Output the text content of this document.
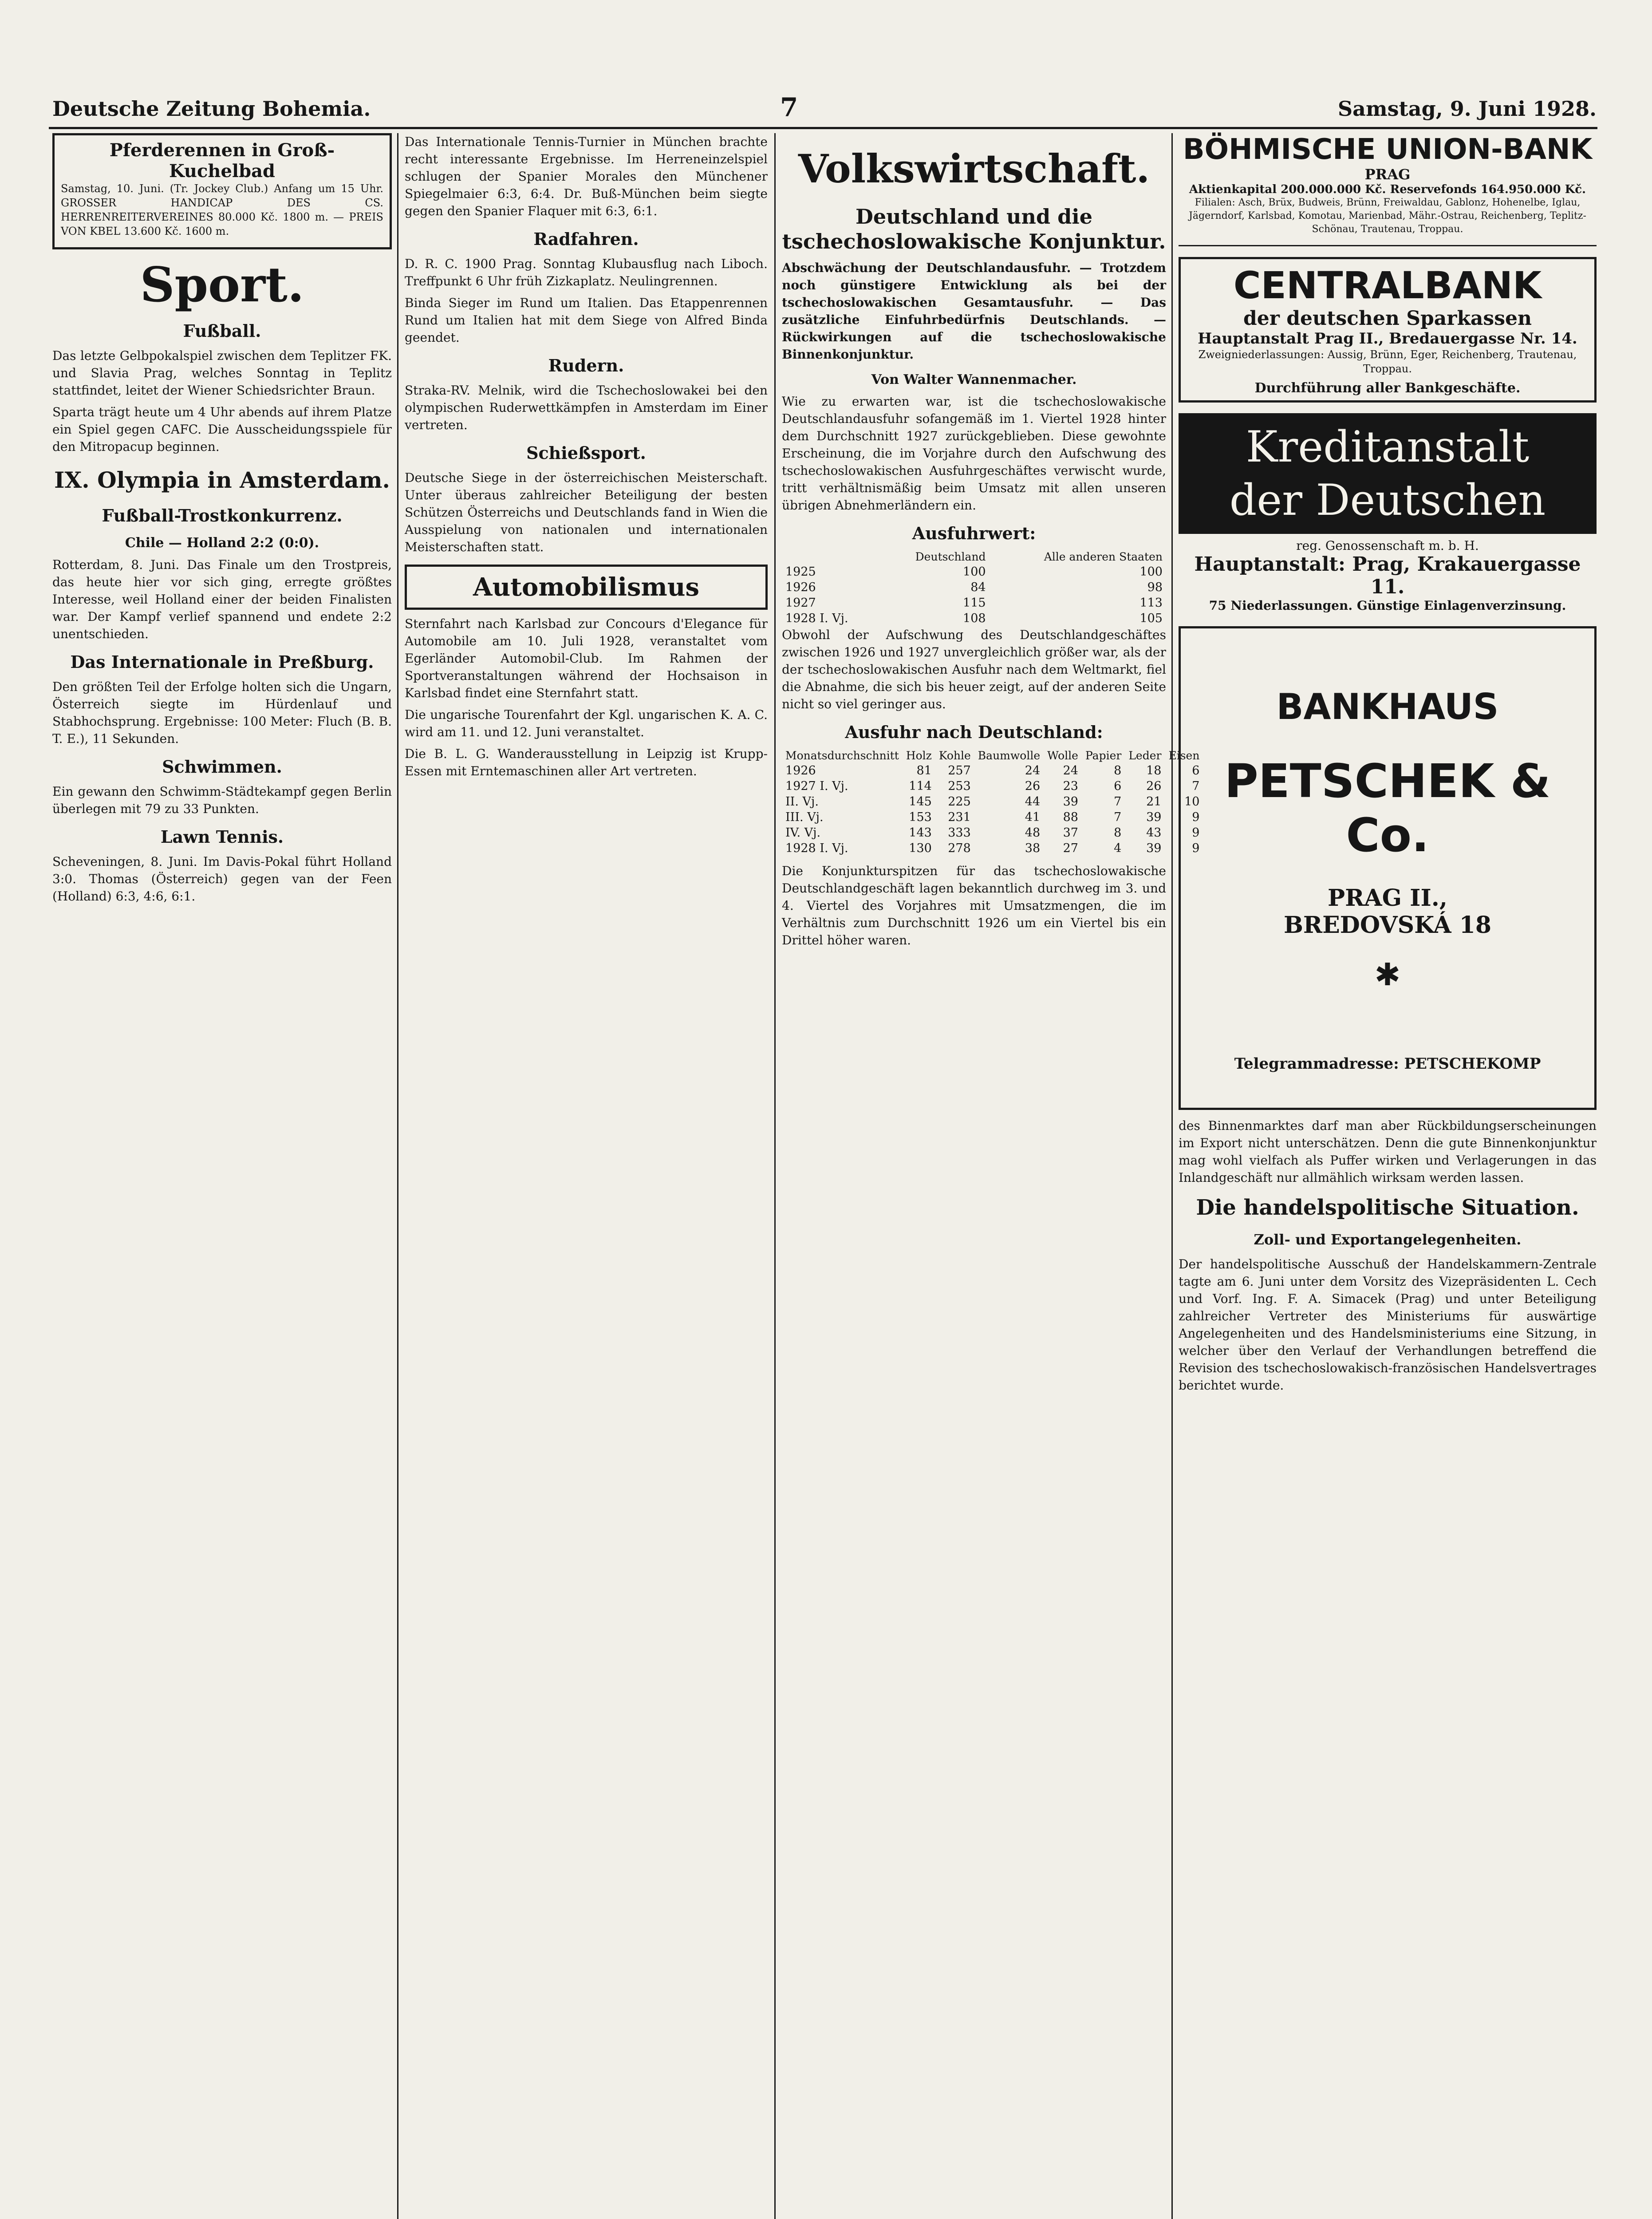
Deutsche Zeitung Bohemia.	7	Samstag, 9. Juni 1928.
Pferderennen in Groß-Kuchelbad

Samstag, 10. Juni. (Tr. Jockey Club.) Anfang um 15 Uhr. GROSSER HANDICAP DES CS. HERRENREITERVEREINES 80.000 Kč. 1800 m. — PREIS VON KBEL 13.600 Kč. 1600 m.

Sport.
Fußball.

Das letzte Gelbpokalspiel zwischen dem Teplitzer FK. und Slavia Prag, welches Sonntag in Teplitz stattfindet, leitet der Wiener Schiedsrichter Braun.

Sparta trägt heute um 4 Uhr abends auf ihrem Platze ein Spiel gegen CAFC. Die Ausscheidungsspiele für den Mitropacup beginnen.

IX. Olympia in Amsterdam.
Fußball-Trostkonkurrenz.
Chile — Holland 2:2 (0:0).

Rotterdam, 8. Juni. Das Finale um den Trostpreis, das heute hier vor sich ging, erregte größtes Interesse, weil Holland einer der beiden Finalisten war. Der Kampf verlief spannend und endete 2:2 unentschieden.

Das Internationale in Preßburg.

Den größten Teil der Erfolge holten sich die Ungarn, Österreich siegte im Hürdenlauf und Stabhochsprung. Ergebnisse: 100 Meter: Fluch (B. B. T. E.), 11 Sekunden.

Schwimmen.

Ein gewann den Schwimm-Städtekampf gegen Berlin überlegen mit 79 zu 33 Punkten.

Lawn Tennis.

Scheveningen, 8. Juni. Im Davis-Pokal führt Holland 3:0. Thomas (Österreich) gegen van der Feen (Holland) 6:3, 4:6, 6:1.

Das Internationale Tennis-Turnier in München brachte recht interessante Ergebnisse. Im Herreneinzelspiel schlugen der Spanier Morales den Münchener Spiegelmaier 6:3, 6:4. Dr. Buß-München beim siegte gegen den Spanier Flaquer mit 6:3, 6:1.

Radfahren.

D. R. C. 1900 Prag. Sonntag Klubausflug nach Liboch. Treffpunkt 6 Uhr früh Zizkaplatz. Neulingrennen.

Binda Sieger im Rund um Italien. Das Etappenrennen Rund um Italien hat mit dem Siege von Alfred Binda geendet.

Rudern.

Straka-RV. Melnik, wird die Tschechoslowakei bei den olympischen Ruderwettkämpfen in Amsterdam im Einer vertreten.

Schießsport.

Deutsche Siege in der österreichischen Meisterschaft. Unter überaus zahlreicher Beteiligung der besten Schützen Österreichs und Deutschlands fand in Wien die Ausspielung von nationalen und internationalen Meisterschaften statt.

Automobilismus

Sternfahrt nach Karlsbad zur Concours d'Elegance für Automobile am 10. Juli 1928, veranstaltet vom Egerländer Automobil-Club. Im Rahmen der Sportveranstaltungen während der Hochsaison in Karlsbad findet eine Sternfahrt statt.

Die ungarische Tourenfahrt der Kgl. ungarischen K. A. C. wird am 11. und 12. Juni veranstaltet.

Die B. L. G. Wanderausstellung in Leipzig ist Krupp-Essen mit Erntemaschinen aller Art vertreten.

Volkswirtschaft.
Deutschland und die tschechoslowakische Konjunktur.

Abschwächung der Deutschlandausfuhr. — Trotzdem noch günstigere Entwicklung als bei der tschechoslowakischen Gesamtausfuhr. — Das zusätzliche Einfuhrbedürfnis Deutschlands. — Rückwirkungen auf die tschechoslowakische Binnenkonjunktur.

Von Walter Wannenmacher.

Wie zu erwarten war, ist die tschechoslowakische Deutschlandausfuhr sofangemäß im 1. Viertel 1928 hinter dem Durchschnitt 1927 zurückgeblieben. Diese gewohnte Erscheinung, die im Vorjahre durch den Aufschwung des tschechoslowakischen Ausfuhrgeschäftes verwischt wurde, tritt verhältnismäßig beim Umsatz mit allen unseren übrigen Abnehmerländern ein.

Ausfuhrwert:
	Deutschland	Alle anderen Staaten
1925	100	100
1926	84	98
1927	115	113
1928 I. Vj.	108	105

Obwohl der Aufschwung des Deutschlandgeschäftes zwischen 1926 und 1927 unvergleichlich größer war, als der der tschechoslowakischen Ausfuhr nach dem Weltmarkt, fiel die Abnahme, die sich bis heuer zeigt, auf der anderen Seite nicht so viel geringer aus.

Ausfuhr nach Deutschland:
Monatsdurchschnitt	Holz	Kohle	Baumwolle	Wolle	Papier	Leder	Eisen
1926	81	257	24	24	8	18	6
1927 I. Vj.	114	253	26	23	6	26	7
II. Vj.	145	225	44	39	7	21	10
III. Vj.	153	231	41	88	7	39	9
IV. Vj.	143	333	48	37	8	43	9
1928 I. Vj.	130	278	38	27	4	39	9

Die Konjunkturspitzen für das tschechoslowakische Deutschlandgeschäft lagen bekanntlich durchweg im 3. und 4. Viertel des Vorjahres mit Umsatzmengen, die im Verhältnis zum Durchschnitt 1926 um ein Viertel bis ein Drittel höher waren.

BÖHMISCHE UNION-BANK
PRAG
Aktienkapital 200.000.000 Kč. Reservefonds 164.950.000 Kč.

Filialen: Asch, Brüx, Budweis, Brünn, Freiwaldau, Gablonz, Hohenelbe, Iglau, Jägerndorf, Karlsbad, Komotau, Marienbad, Mähr.-Ostrau, Reichenberg, Teplitz-Schönau, Trautenau, Troppau.

CENTRALBANK
der deutschen Sparkassen
Hauptanstalt Prag II., Bredauergasse Nr. 14.

Zweigniederlassungen: Aussig, Brünn, Eger, Reichenberg, Trautenau, Troppau.

Durchführung aller Bankgeschäfte.
Kreditanstalt
der Deutschen
reg. Genossenschaft m. b. H.
Hauptanstalt: Prag, Krakauergasse 11.
75 Niederlassungen. Günstige Einlagenverzinsung.
BANKHAUS
PETSCHEK & Co.
PRAG II., BREDOVSKÁ 18
✱
Telegrammadresse: PETSCHEKOMP

des Binnenmarktes darf man aber Rückbildungserscheinungen im Export nicht unterschätzen. Denn die gute Binnenkonjunktur mag wohl vielfach als Puffer wirken und Verlagerungen in das Inlandgeschäft nur allmählich wirksam werden lassen.

Die handelspolitische Situation.
Zoll- und Exportangelegenheiten.

Der handelspolitische Ausschuß der Handelskammern-Zentrale tagte am 6. Juni unter dem Vorsitz des Vizepräsidenten L. Cech und Vorf. Ing. F. A. Simacek (Prag) und unter Beteiligung zahlreicher Vertreter des Ministeriums für auswärtige Angelegenheiten und des Handelsministeriums eine Sitzung, in welcher über den Verlauf der Verhandlungen betreffend die Revision des tschechoslowakisch-französischen Handelsvertrages berichtet wurde.
